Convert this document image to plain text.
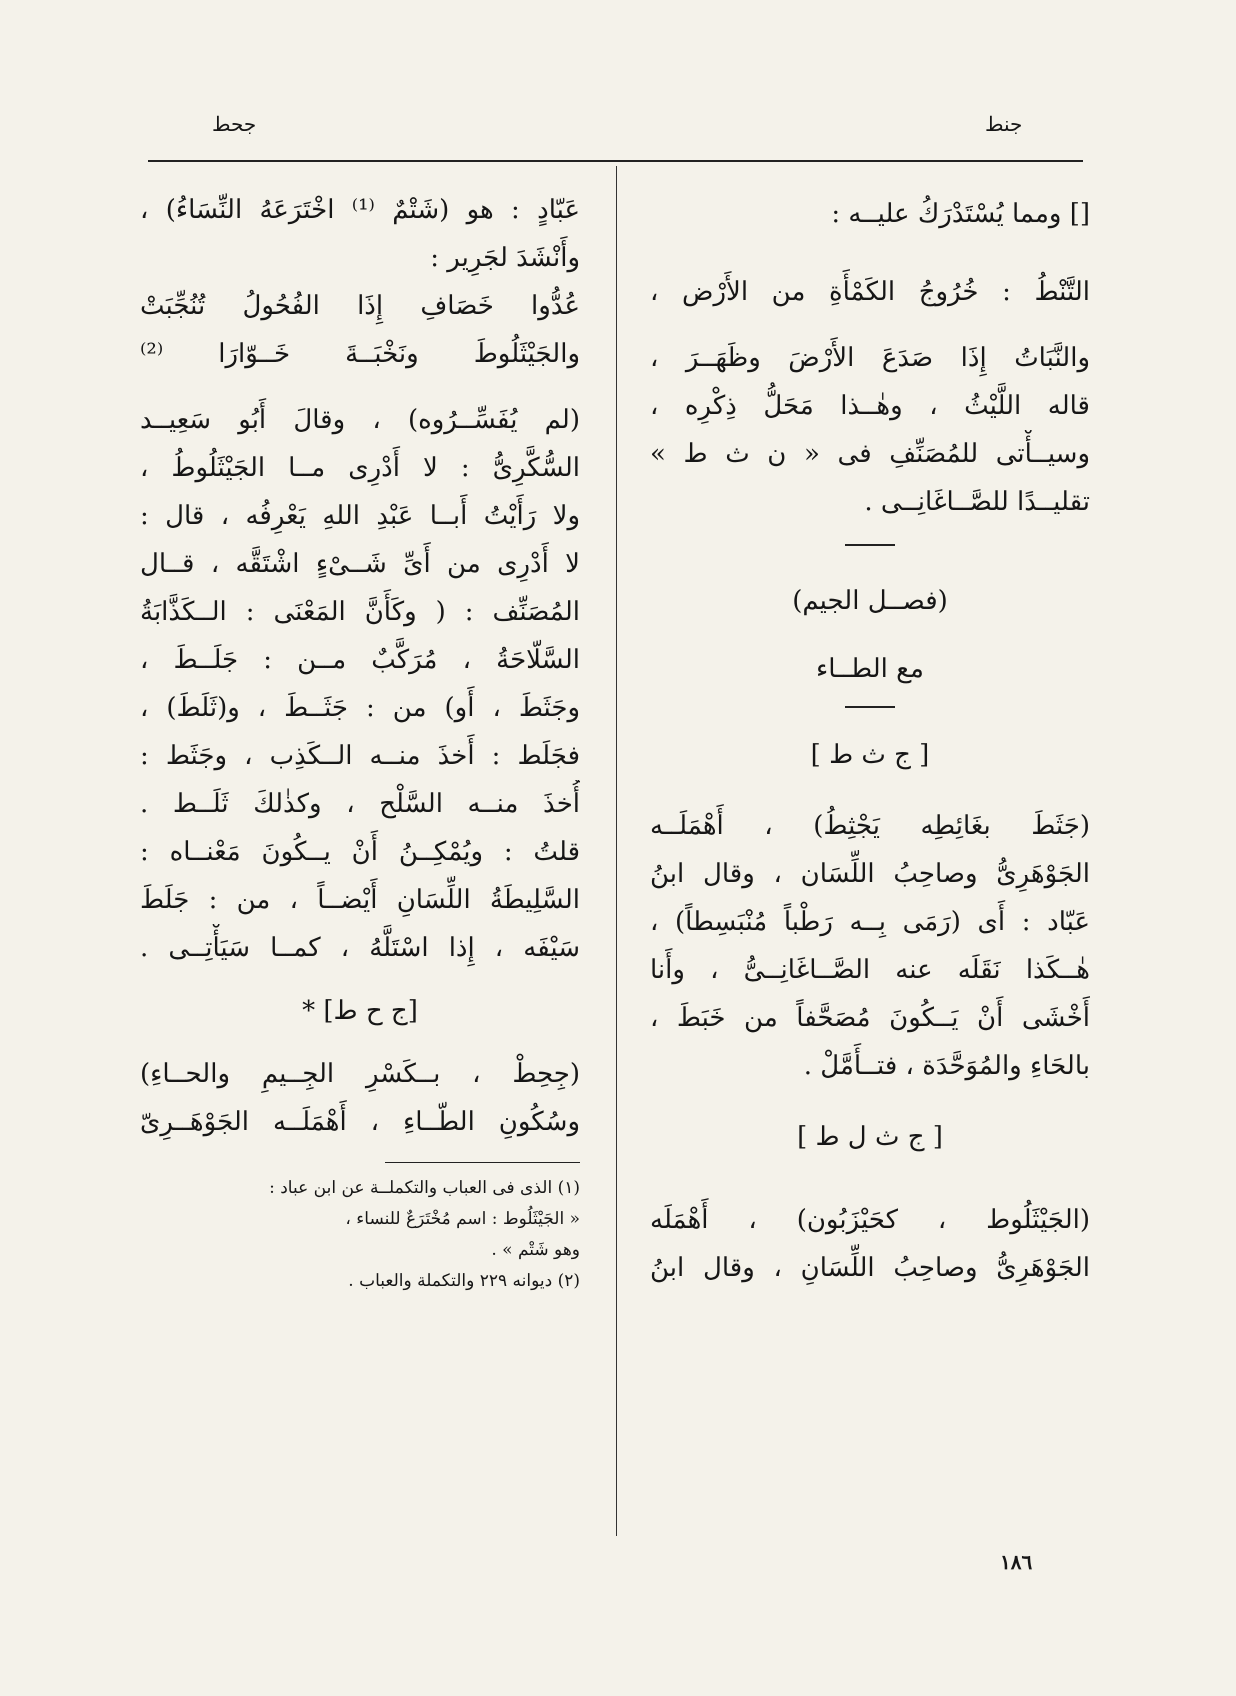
جنط
جحط
[] ومما يُسْتَدْرَكُ عليــه :
التَّنْطُ : خُرُوجُ الكَمْأَةِ من الأَرْض ،
والنَّبَاتُ إِذَا صَدَعَ الأَرْضَ وظَهَــرَ ،
قاله اللَّيْثُ ، وهٰــذا مَحَلُّ ذِكْرِه ،
وسيــأْتى للمُصَنِّفِ فى « ن ث ط »
تقليــدًا للصَّــاغَانِــى .
(فصــل الجيم)
مع الطــاء
[ ج ث ط ]
(جَثَطَ بغَائِطِه يَجْثِطُ) ، أَهْمَلَــه
الجَوْهَرِىُّ وصاحِبُ اللِّسَان ، وقال ابنُ
عَبّاد : أَى (رَمَى بِــه رَطْباً مُنْبَسِطاً) ،
هٰــكَذا نَقَلَه عنه الصَّــاغَانِــىُّ ، وأَنا
أَخْشَى أَنْ يَــكُونَ مُصَحَّفاً من خَبَطَ ،
بالحَاءِ والمُوَحَّدَة ، فتــأَمَّلْ .
[ ج ث ل ط ]
(الجَيْثَلُوط ، كحَيْزَبُون) ، أَهْمَلَه
الجَوْهَرِىُّ وصاحِبُ اللِّسَانِ ، وقال ابنُ
عَبّادٍ : هو (شَتْمٌ ⁽¹⁾ اخْتَرَعَهُ النِّسَاءُ) ،
وأَنْشَدَ لجَرِير :
عُدُّوا خَصَافِ إِذَا الفُحُولُ تُنُجِّبَتْ
والجَيْثَلُوطَ ونَخْبَــةَ خَــوّارَا ⁽²⁾
(لم يُفَسِّــرُوه) ، وقالَ أَبُو سَعِيــد
السُّكَّرِىُّ : لا أَدْرِى مــا الجَيْثَلُوطُ ،
ولا رَأَيْتُ أَبــا عَبْدِ اللهِ يَعْرِفُه ، قال :
لا أَدْرِى من أَىِّ شَــىْءٍ اشْتَقَّه ، قــال
المُصَنِّف : ( وكَأَنَّ المَعْنَى : الــكَذَّابَةُ
السَّلّاحَةُ ، مُرَكَّبٌ مــن : جَلَــطَ ،
وجَثَطَ ، أَو) من : جَثَــطَ ، و(ثَلَطَ) ،
فجَلَط : أَخذَ منــه الــكَذِب ، وجَثَط :
أُخذَ منــه السَّلْح ، وكذٰلكَ ثَلَــط .
قلتُ : ويُمْكِــنُ أَنْ يــكُونَ مَعْنــاه :
السَّلِيطَةُ اللِّسَانِ أَيْضــاً ، من : جَلَطَ
سَيْفَه ، إِذا اسْتَلَّهُ ، كمــا سَيَأْتِــى .
[ج ح ط] *
(جِحِطْ ، بــكَسْرِ الجِــيمِ والحــاءِ)
وسُكُونِ الطّــاءِ ، أَهْمَلَــه الجَوْهَــرِىّ
(١) الذى فى العباب والتكملــة عن ابن عباد :
« الجَيْثَلُوط : اسم مُخْتَرَعٌ للنساء ،
وهو شَتْم » .
(٢) ديوانه ٢٢٩ والتكملة والعباب .
١٨٦
